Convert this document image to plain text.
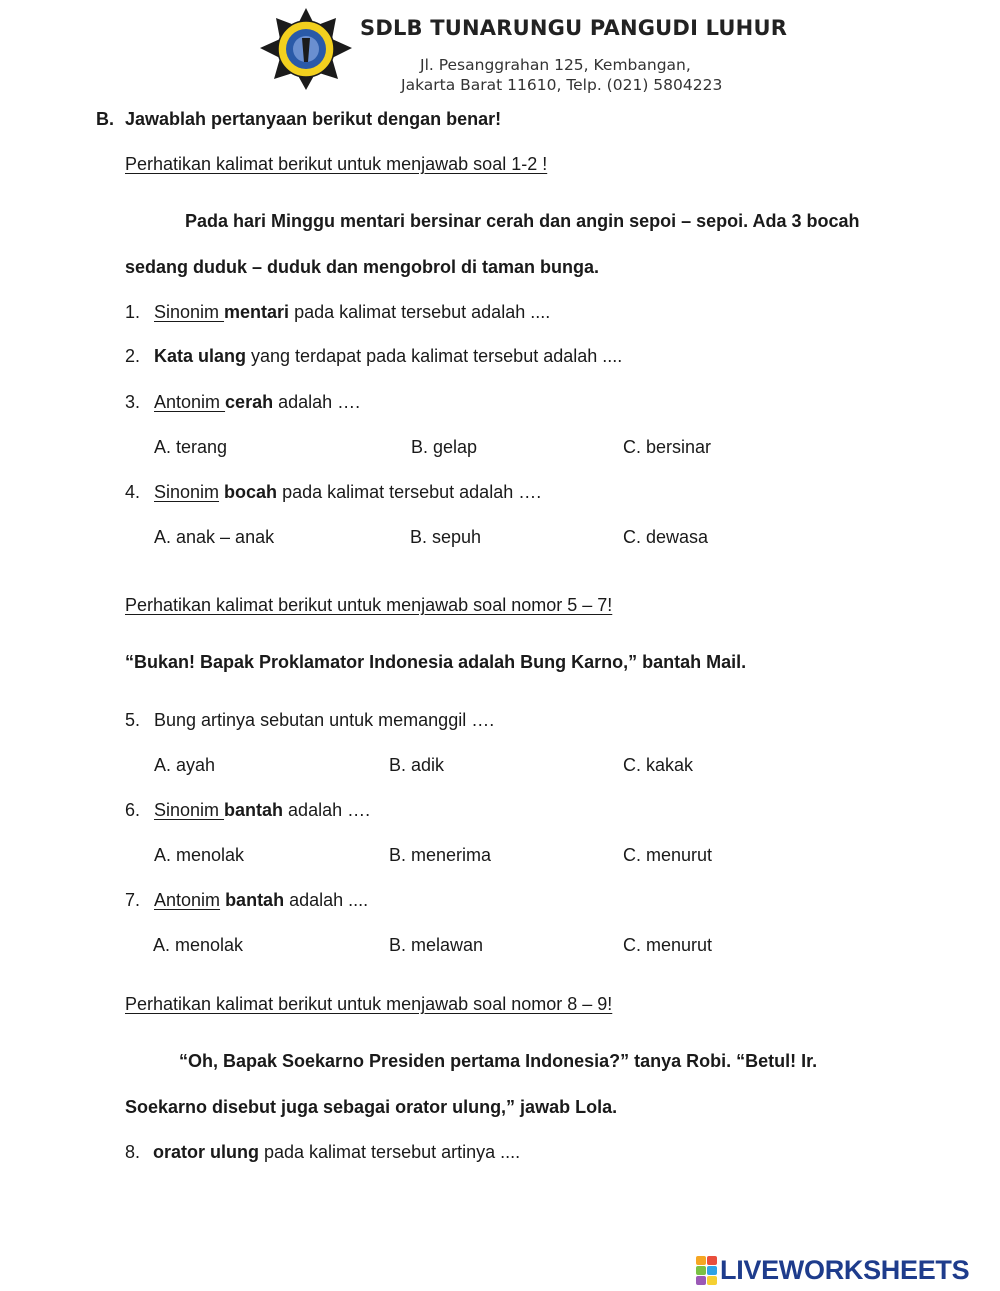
SDLB TUNARUNGU PANGUDI LUHUR
Jl. Pesanggrahan 125, Kembangan,
Jakarta Barat 11610, Telp. (021) 5804223
B. Jawablah pertanyaan berikut dengan benar!
Perhatikan kalimat berikut untuk menjawab soal 1-2 !
Pada hari Minggu mentari bersinar cerah dan angin sepoi – sepoi. Ada 3 bocah
sedang duduk – duduk dan mengobrol di taman bunga.
1. Sinonim mentari pada kalimat tersebut adalah ....
2. Kata ulang yang terdapat pada kalimat tersebut adalah ....
3. Antonim cerah adalah ….
A. terang	B. gelap	C. bersinar
4. Sinonim bocah pada kalimat tersebut adalah ….
A. anak – anak	B. sepuh	C. dewasa
Perhatikan kalimat berikut untuk menjawab soal nomor 5 – 7!
“Bukan! Bapak Proklamator Indonesia adalah Bung Karno,” bantah Mail.
5. Bung artinya sebutan untuk memanggil ….
A. ayah	B. adik	C. kakak
6. Sinonim bantah adalah ….
A. menolak	B. menerima	C. menurut
7. Antonim bantah adalah ....
A. menolak	B. melawan	C. menurut
Perhatikan kalimat berikut untuk menjawab soal nomor 8 – 9!
“Oh, Bapak Soekarno Presiden pertama Indonesia?” tanya Robi. “Betul! Ir.
Soekarno disebut juga sebagai orator ulung,” jawab Lola.
8. orator ulung pada kalimat tersebut artinya ....
LIVEWORKSHEETS
